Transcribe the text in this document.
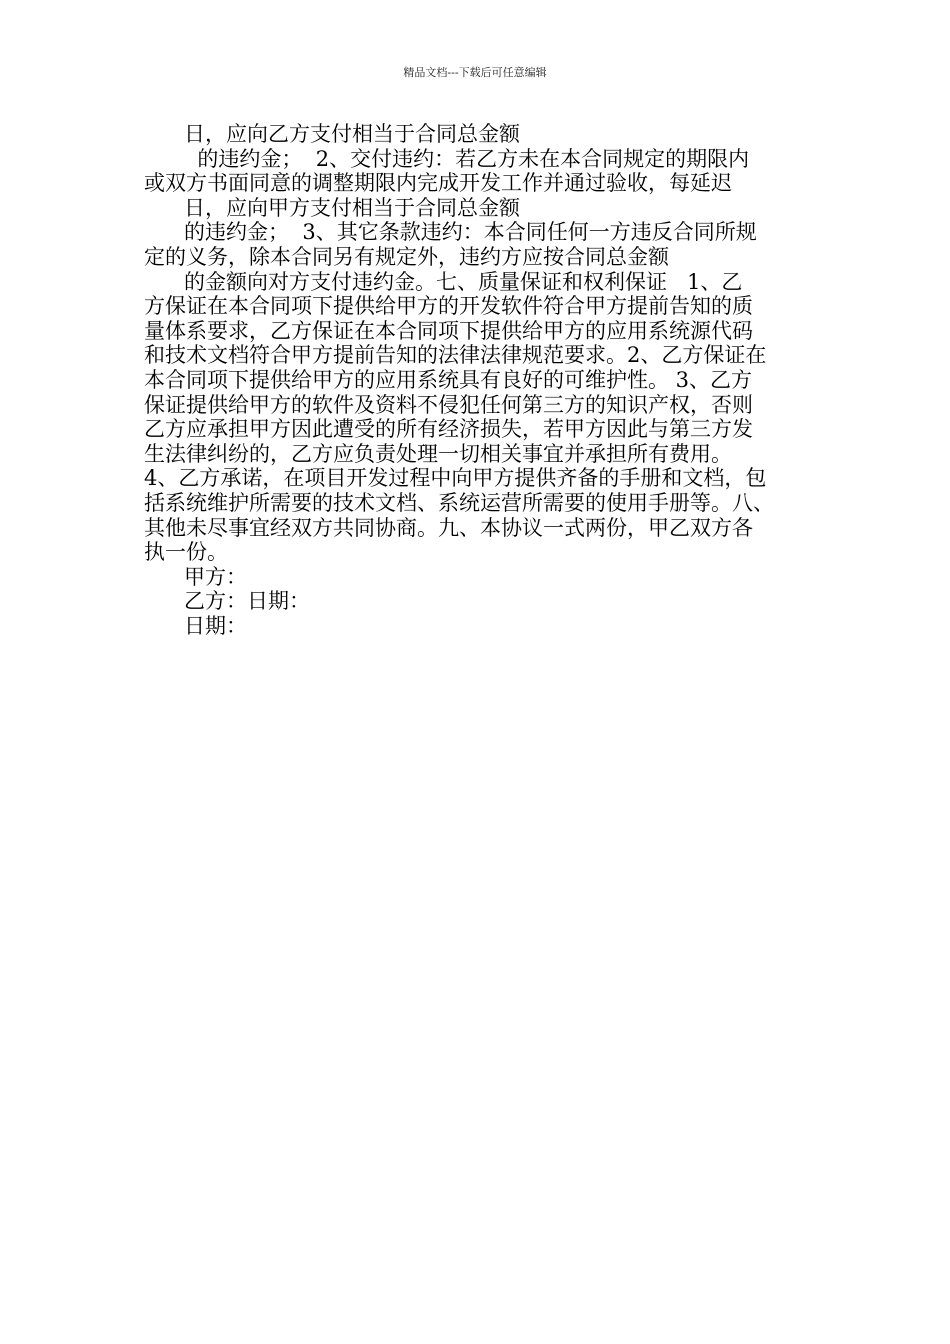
精品文档---下载后可任意编辑
日，应向乙方支付相当于合同总金额
的违约金；  2、交付违约：若乙方未在本合同规定的期限内
或双方书面同意的调整期限内完成开发工作并通过验收，每延迟
日，应向甲方支付相当于合同总金额
的违约金；  3、其它条款违约：本合同任何一方违反合同所规
定的义务，除本合同另有规定外，违约方应按合同总金额
的金额向对方支付违约金。七、质量保证和权利保证   1、乙
方保证在本合同项下提供给甲方的开发软件符合甲方提前告知的质
量体系要求，乙方保证在本合同项下提供给甲方的应用系统源代码
和技术文档符合甲方提前告知的法律法律规范要求。2、乙方保证在
本合同项下提供给甲方的应用系统具有良好的可维护性。 3、乙方
保证提供给甲方的软件及资料不侵犯任何第三方的知识产权，否则
乙方应承担甲方因此遭受的所有经济损失，若甲方因此与第三方发
生法律纠纷的，乙方应负责处理一切相关事宜并承担所有费用。
4、乙方承诺，在项目开发过程中向甲方提供齐备的手册和文档，包
括系统维护所需要的技术文档、系统运营所需要的使用手册等。八、
其他未尽事宜经双方共同协商。九、本协议一式两份，甲乙双方各
执一份。
甲方：
乙方：日期：
日期：
